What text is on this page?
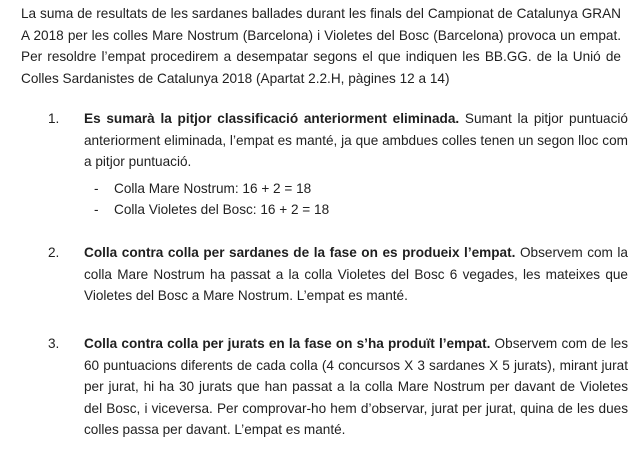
La suma de resultats de les sardanes ballades durant les finals del Campionat de Catalunya GRAN A 2018 per les colles Mare Nostrum (Barcelona) i Violetes del Bosc (Barcelona) provoca un empat. Per resoldre l’empat procedirem a desempatar segons el que indiquen les BB.GG. de la Unió de Colles Sardanistes de Catalunya 2018 (Apartat 2.2.H, pàgines 12 a 14)

1.	Es sumarà la pitjor classificació anteriorment eliminada. Sumant la pitjor puntuació anteriorment eliminada, l’empat es manté, ja que ambdues colles tenen un segon lloc com a pitjor puntuació.
- Colla Mare Nostrum: 16 + 2 = 18
- Colla Violetes del Bosc: 16 + 2 = 18
2.	Colla contra colla per sardanes de la fase on es produeix l’empat. Observem com la colla Mare Nostrum ha passat a la colla Violetes del Bosc 6 vegades, les mateixes que Violetes del Bosc a Mare Nostrum. L’empat es manté.
3.	Colla contra colla per jurats en la fase on s’ha produït l’empat. Observem com de les 60 puntuacions diferents de cada colla (4 concursos X 3 sardanes X 5 jurats), mirant jurat per jurat, hi ha 30 jurats que han passat a la colla Mare Nostrum per davant de Violetes del Bosc, i viceversa. Per comprovar-ho hem d’observar, jurat per jurat, quina de les dues colles passa per davant. L’empat es manté.
